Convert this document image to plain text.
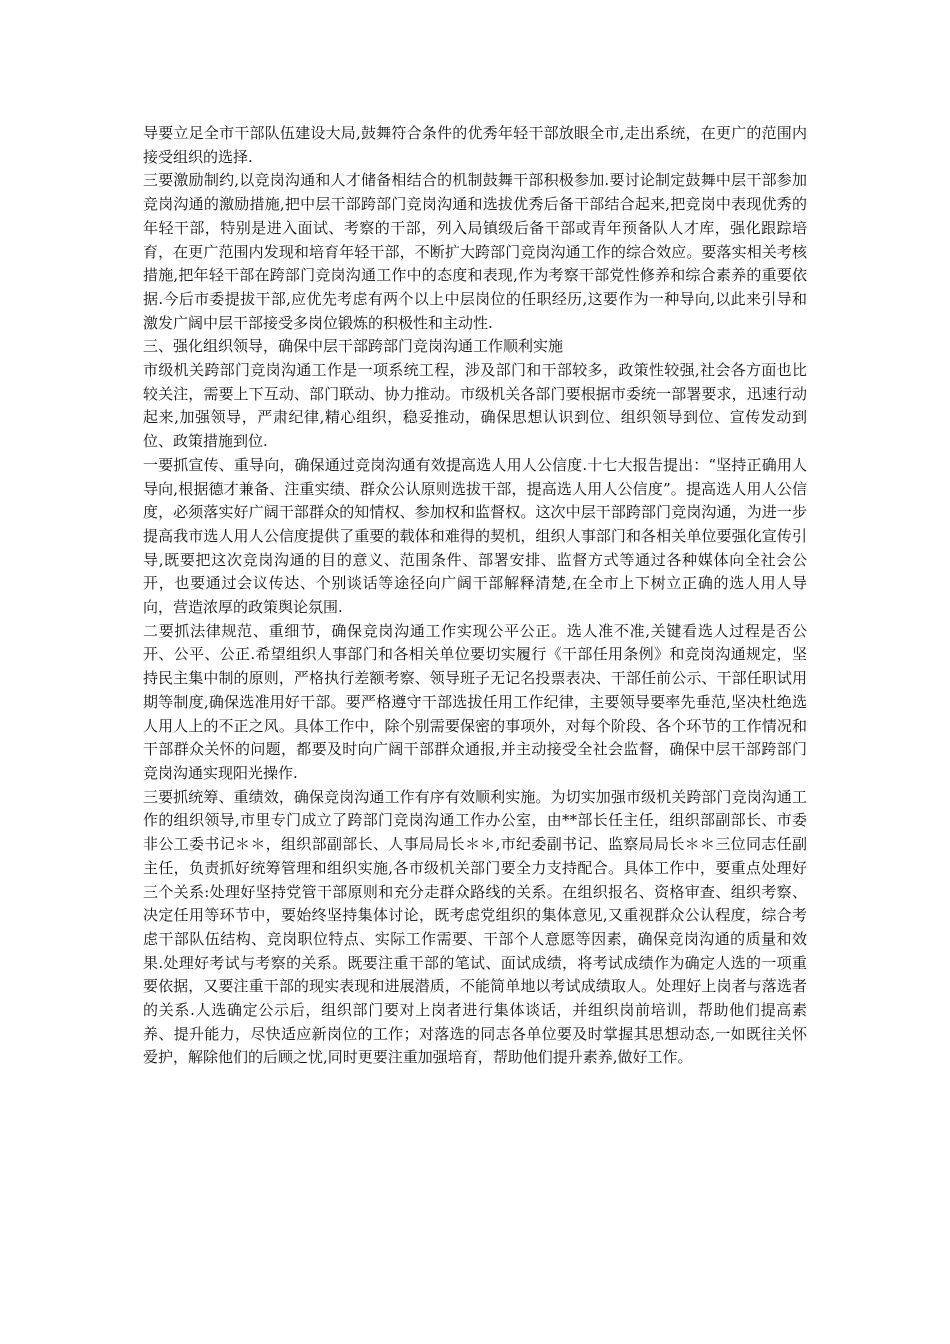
导要立足全市干部队伍建设大局,鼓舞符合条件的优秀年轻干部放眼全市,走出系统，在更广的范围内接受组织的选择.

三要激励制约,以竞岗沟通和人才储备相结合的机制鼓舞干部积极参加.要讨论制定鼓舞中层干部参加竞岗沟通的激励措施,把中层干部跨部门竞岗沟通和选拔优秀后备干部结合起来,把竞岗中表现优秀的年轻干部，特别是进入面试、考察的干部，列入局镇级后备干部或青年预备队人才库，强化跟踪培育，在更广范围内发现和培育年轻干部，不断扩大跨部门竞岗沟通工作的综合效应。要落实相关考核措施,把年轻干部在跨部门竞岗沟通工作中的态度和表现,作为考察干部党性修养和综合素养的重要依据.今后市委提拔干部,应优先考虑有两个以上中层岗位的任职经历,这要作为一种导向,以此来引导和激发广阔中层干部接受多岗位锻炼的积极性和主动性.

三、强化组织领导，确保中层干部跨部门竞岗沟通工作顺利实施

市级机关跨部门竞岗沟通工作是一项系统工程，涉及部门和干部较多，政策性较强,社会各方面也比较关注，需要上下互动、部门联动、协力推动。市级机关各部门要根据市委统一部署要求，迅速行动起来,加强领导，严肃纪律,精心组织，稳妥推动，确保思想认识到位、组织领导到位、宣传发动到位、政策措施到位.

一要抓宣传、重导向，确保通过竞岗沟通有效提高选人用人公信度.十七大报告提出：“坚持正确用人导向,根据德才兼备、注重实绩、群众公认原则选拔干部，提高选人用人公信度”。提高选人用人公信度，必须落实好广阔干部群众的知情权、参加权和监督权。这次中层干部跨部门竞岗沟通，为进一步提高我市选人用人公信度提供了重要的载体和难得的契机，组织人事部门和各相关单位要强化宣传引导,既要把这次竞岗沟通的目的意义、范围条件、部署安排、监督方式等通过各种媒体向全社会公开，也要通过会议传达、个别谈话等途径向广阔干部解释清楚,在全市上下树立正确的选人用人导向，营造浓厚的政策舆论氛围.

二要抓法律规范、重细节，确保竞岗沟通工作实现公平公正。选人准不准,关键看选人过程是否公开、公平、公正.希望组织人事部门和各相关单位要切实履行《干部任用条例》和竞岗沟通规定，坚持民主集中制的原则，严格执行差额考察、领导班子无记名投票表决、干部任前公示、干部任职试用期等制度,确保选准用好干部。要严格遵守干部选拔任用工作纪律，主要领导要率先垂范,坚决杜绝选人用人上的不正之风。具体工作中，除个别需要保密的事项外，对每个阶段、各个环节的工作情况和干部群众关怀的问题，都要及时向广阔干部群众通报,并主动接受全社会监督，确保中层干部跨部门竞岗沟通实现阳光操作.

三要抓统筹、重绩效，确保竞岗沟通工作有序有效顺利实施。为切实加强市级机关跨部门竞岗沟通工作的组织领导,市里专门成立了跨部门竞岗沟通工作办公室，由**部长任主任，组织部副部长、市委非公工委书记＊＊，组织部副部长、人事局局长＊＊,市纪委副书记、监察局局长＊＊三位同志任副主任，负责抓好统筹管理和组织实施,各市级机关部门要全力支持配合。具体工作中，要重点处理好三个关系:处理好坚持党管干部原则和充分走群众路线的关系。在组织报名、资格审查、组织考察、决定任用等环节中，要始终坚持集体讨论，既考虑党组织的集体意见,又重视群众公认程度，综合考虑干部队伍结构、竞岗职位特点、实际工作需要、干部个人意愿等因素，确保竞岗沟通的质量和效果.处理好考试与考察的关系。既要注重干部的笔试、面试成绩，将考试成绩作为确定人选的一项重要依据，又要注重干部的现实表现和进展潜质，不能简单地以考试成绩取人。处理好上岗者与落选者的关系.人选确定公示后，组织部门要对上岗者进行集体谈话，并组织岗前培训，帮助他们提高素养、提升能力，尽快适应新岗位的工作；对落选的同志各单位要及时掌握其思想动态,一如既往关怀爱护，解除他们的后顾之忧,同时更要注重加强培育，帮助他们提升素养,做好工作。
